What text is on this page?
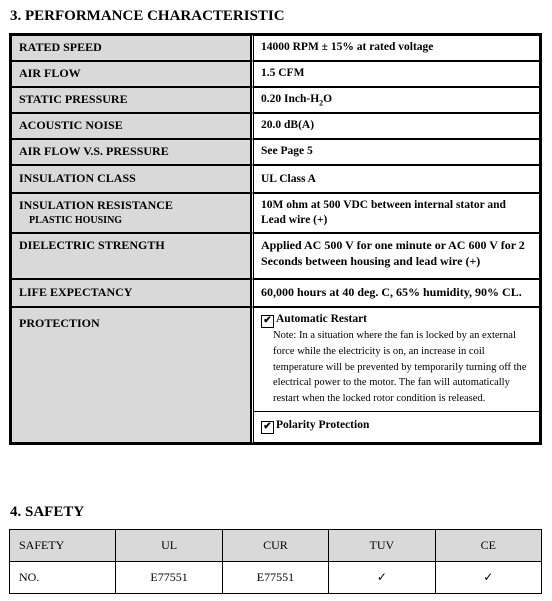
3. PERFORMANCE CHARACTERISTIC
RATED SPEED	14000 RPM ± 15% at rated voltage
AIR FLOW	1.5 CFM
STATIC PRESSURE	0.20 Inch-$H_2O$
ACOUSTIC NOISE	20.0 dB(A)
AIR FLOW V.S. PRESSURE	See Page 5
INSULATION CLASS	UL Class A
INSULATION RESISTANCE
PLASTIC HOUSING	10M ohm at 500 VDC between internal stator and Lead wire (+)
DIELECTRIC STRENGTH	Applied AC 500 V for one minute or AC 600 V for 2 Seconds between housing and lead wire (+)
LIFE EXPECTANCY	60,000 hours at 40 deg. C, 65% humidity, 90% CL.
PROTECTION	✔ Automatic Restart
Note: In a situation where the fan is locked by an external force while the electricity is on, an increase in coil temperature will be prevented by temporarily turning off the electrical power to the motor. The fan will automatically restart when the locked rotor condition is released.
✔ Polarity Protection
4. SAFETY
SAFETY	UL	CUR	TUV	CE
NO.	E77551	E77551	✓	✓
